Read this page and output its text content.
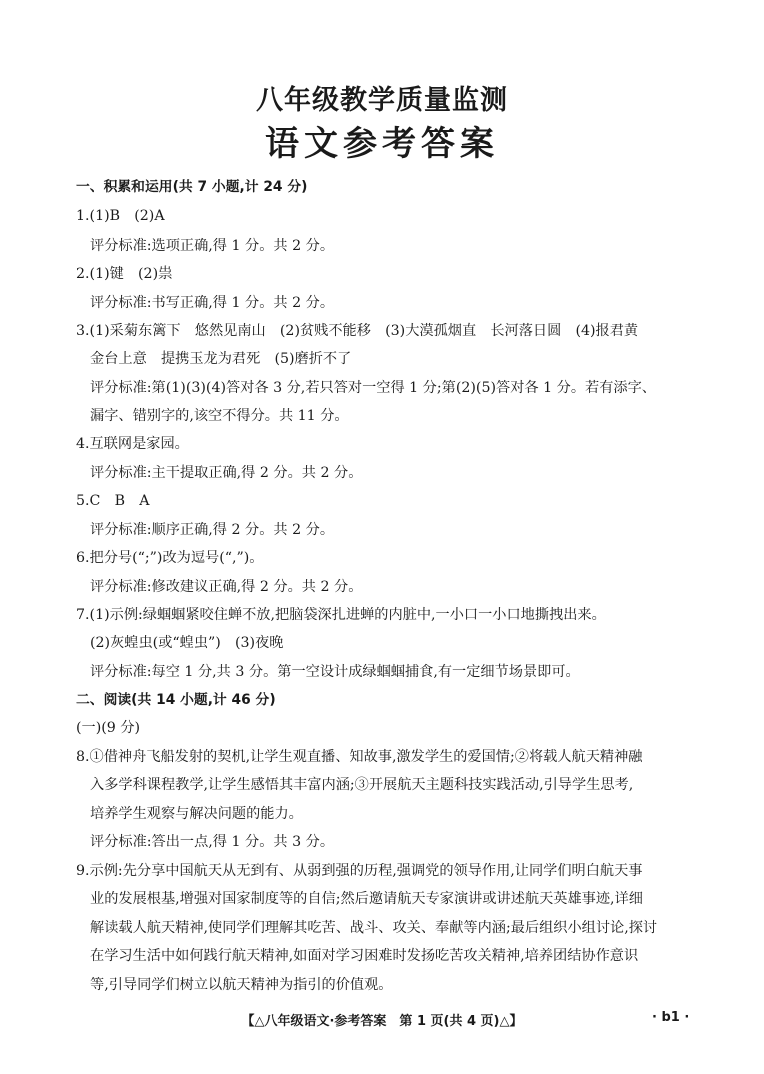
八年级教学质量监测
语文参考答案
一、积累和运用(共 7 小题,计 24 分)
1.(1)B　(2)A
评分标准:选项正确,得 1 分。共 2 分。
2.(1)键　(2)祟
评分标准:书写正确,得 1 分。共 2 分。
3.(1)采菊东篱下　悠然见南山　(2)贫贱不能移　(3)大漠孤烟直　长河落日圆　(4)报君黄
金台上意　提携玉龙为君死　(5)磨折不了
评分标准:第(1)(3)(4)答对各 3 分,若只答对一空得 1 分;第(2)(5)答对各 1 分。若有添字、
漏字、错别字的,该空不得分。共 11 分。
4.互联网是家园。
评分标准:主干提取正确,得 2 分。共 2 分。
5.C　B　A
评分标准:顺序正确,得 2 分。共 2 分。
6.把分号(“;”)改为逗号(“,”)。
评分标准:修改建议正确,得 2 分。共 2 分。
7.(1)示例:绿蝈蝈紧咬住蝉不放,把脑袋深扎进蝉的内脏中,一小口一小口地撕拽出来。
(2)灰蝗虫(或“蝗虫”)　(3)夜晚
评分标准:每空 1 分,共 3 分。第一空设计成绿蝈蝈捕食,有一定细节场景即可。
二、阅读(共 14 小题,计 46 分)
(一)(9 分)
8.①借神舟飞船发射的契机,让学生观直播、知故事,激发学生的爱国情;②将载人航天精神融
入多学科课程教学,让学生感悟其丰富内涵;③开展航天主题科技实践活动,引导学生思考,
培养学生观察与解决问题的能力。
评分标准:答出一点,得 1 分。共 3 分。
9.示例:先分享中国航天从无到有、从弱到强的历程,强调党的领导作用,让同学们明白航天事
业的发展根基,增强对国家制度等的自信;然后邀请航天专家演讲或讲述航天英雄事迹,详细
解读载人航天精神,使同学们理解其吃苦、战斗、攻关、奉献等内涵;最后组织小组讨论,探讨
在学习生活中如何践行航天精神,如面对学习困难时发扬吃苦攻关精神,培养团结协作意识
等,引导同学们树立以航天精神为指引的价值观。
【△八年级语文·参考答案　第 1 页(共 4 页)△】	· b1 ·
